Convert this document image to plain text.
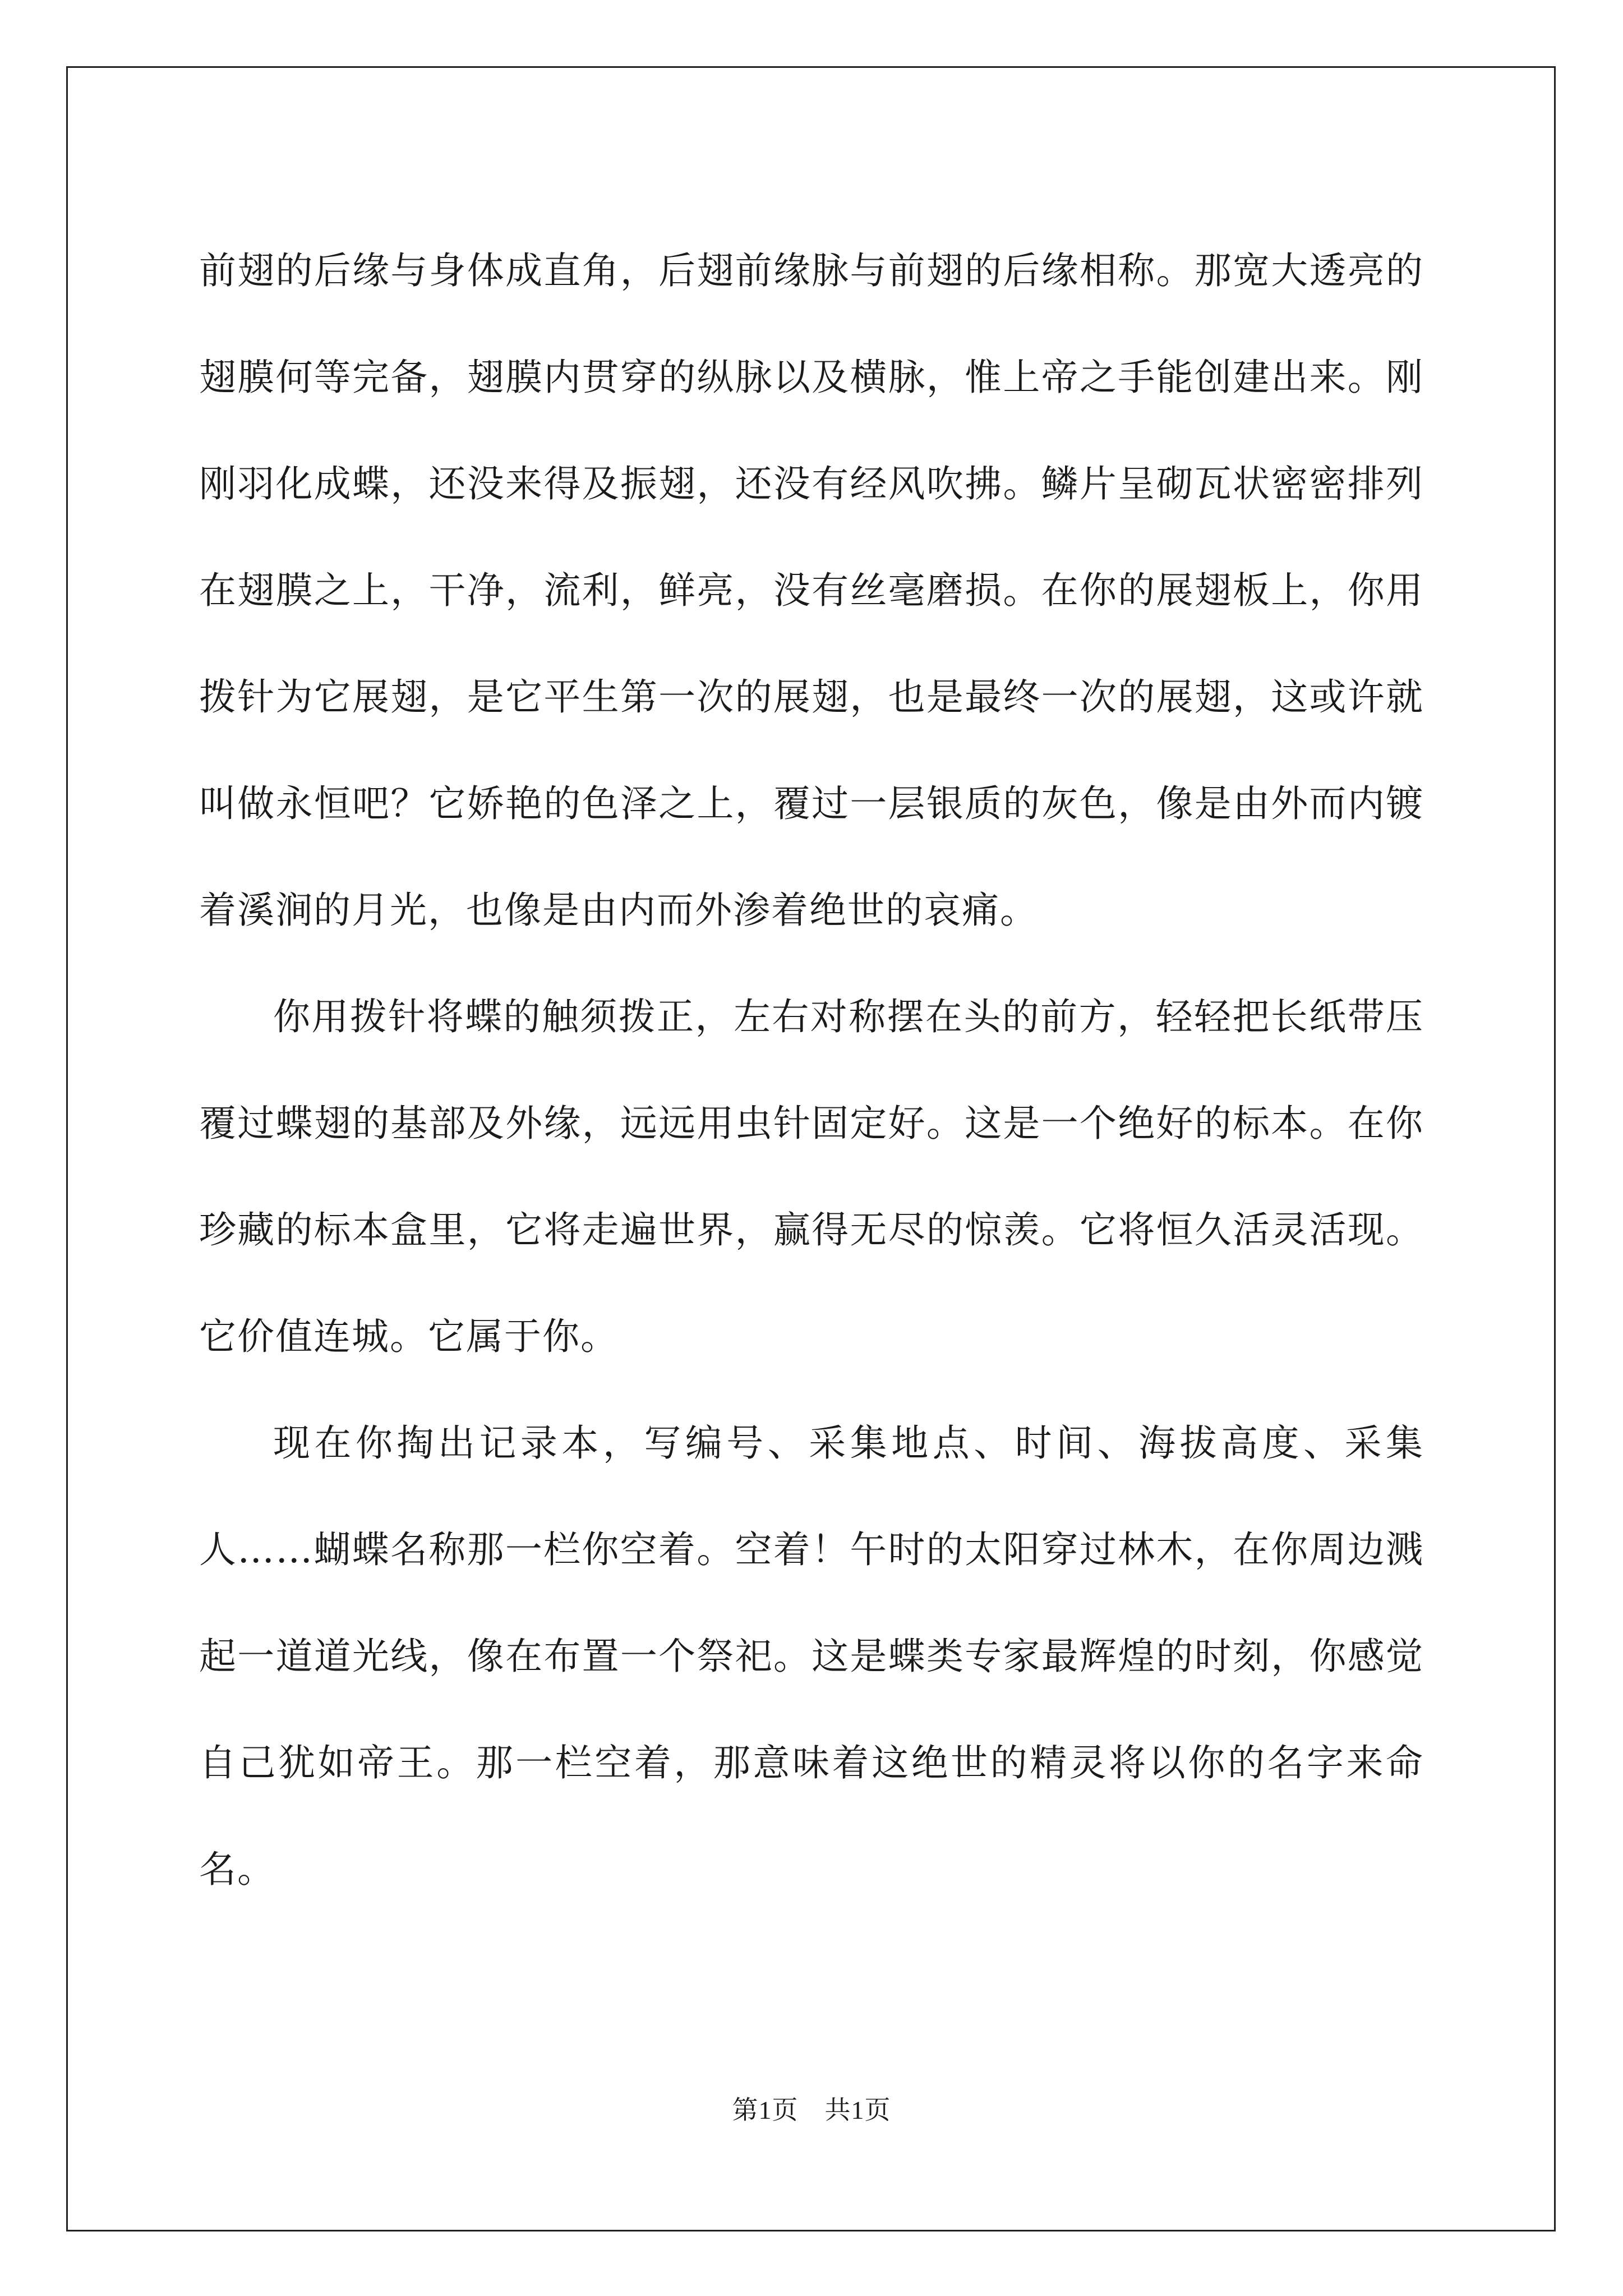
前翅的后缘与身体成直角，后翅前缘脉与前翅的后缘相称。那宽大透亮的翅膜何等完备，翅膜内贯穿的纵脉以及横脉，惟上帝之手能创建出来。刚刚羽化成蝶，还没来得及振翅，还没有经风吹拂。鳞片呈砌瓦状密密排列在翅膜之上，干净，流利，鲜亮，没有丝毫磨损。在你的展翅板上，你用拨针为它展翅，是它平生第一次的展翅，也是最终一次的展翅，这或许就叫做永恒吧？它娇艳的色泽之上，覆过一层银质的灰色，像是由外而内镀着溪涧的月光，也像是由内而外渗着绝世的哀痛。

你用拨针将蝶的触须拨正，左右对称摆在头的前方，轻轻把长纸带压覆过蝶翅的基部及外缘，远远用虫针固定好。这是一个绝好的标本。在你珍藏的标本盒里，它将走遍世界，赢得无尽的惊羡。它将恒久活灵活现。它价值连城。它属于你。

现在你掏出记录本，写编号、采集地点、时间、海拔高度、采集人……蝴蝶名称那一栏你空着。空着！午时的太阳穿过林木，在你周边溅起一道道光线，像在布置一个祭祀。这是蝶类专家最辉煌的时刻，你感觉自己犹如帝王。那一栏空着，那意味着这绝世的精灵将以你的名字来命名。

第1页　共1页
